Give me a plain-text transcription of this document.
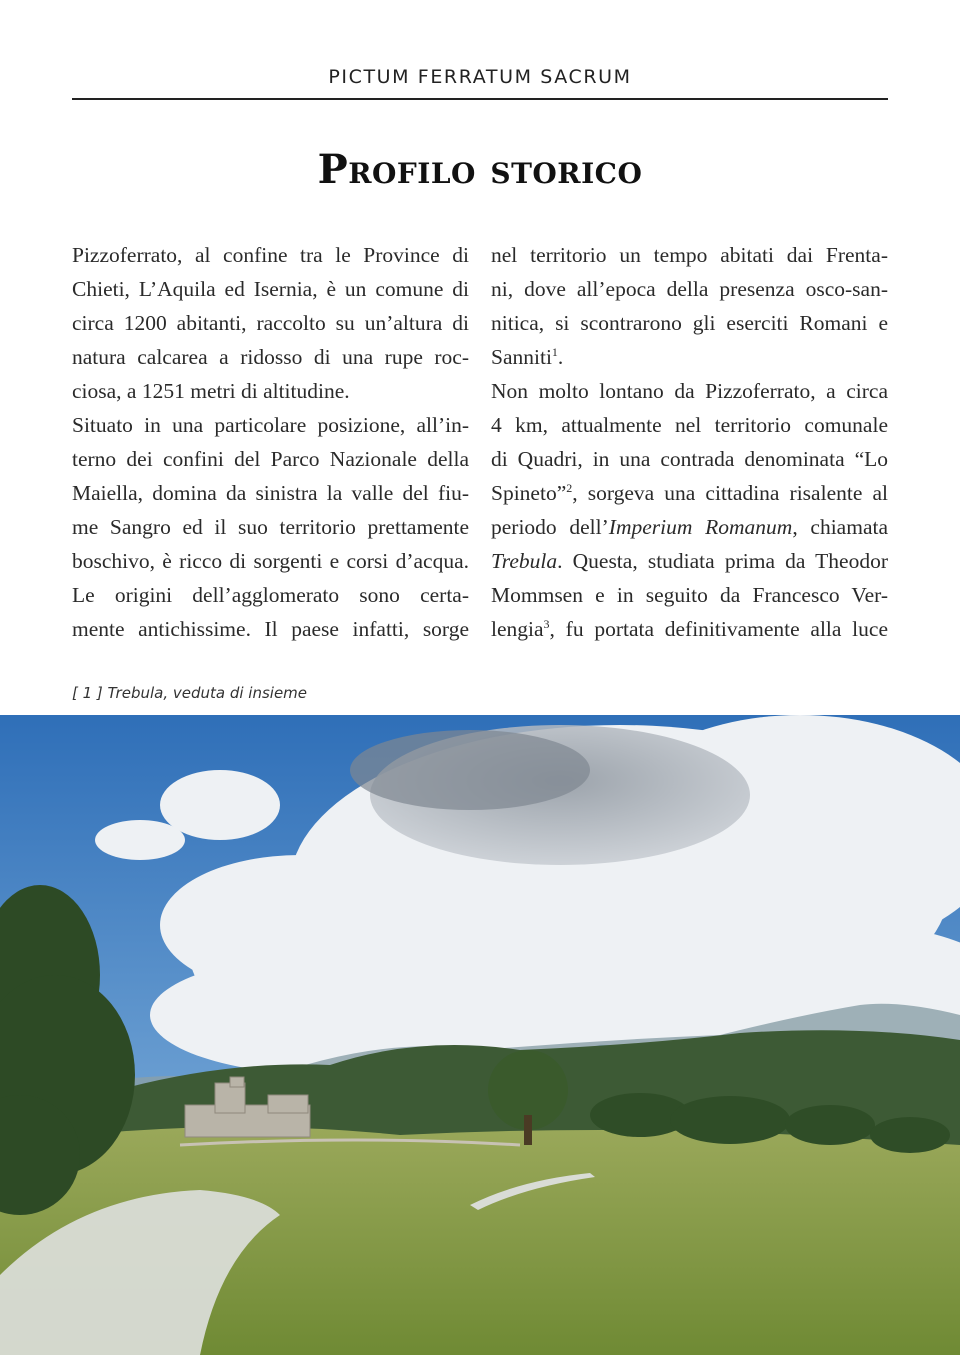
PICTUM FERRATUM SACRUM
Profilo storico
Pizzoferrato, al confine tra le Province di
Chieti, L’Aquila ed Isernia, è un comune di
circa 1200 abitanti, raccolto su un’altura di
natura calcarea a ridosso di una rupe roc-
ciosa, a 1251 metri di altitudine.
Situato in una particolare posizione, all’in-
terno dei confini del Parco Nazionale della
Maiella, domina da sinistra la valle del fiu-
me Sangro ed il suo territorio prettamente
boschivo, è ricco di sorgenti e corsi d’acqua.
Le origini dell’agglomerato sono certa-
mente antichissime. Il paese infatti, sorge
nel territorio un tempo abitati dai Frenta-
ni, dove all’epoca della presenza osco-san-
nitica, si scontrarono gli eserciti Romani e
Sanniti$^1$.
Non molto lontano da Pizzoferrato, a circa
4 km, attualmente nel territorio comunale
di Quadri, in una contrada denominata “Lo
Spineto”$^2$, sorgeva una cittadina risalente al
periodo dell’Imperium Romanum, chiamata
Trebula. Questa, studiata prima da Theodor
Mommsen e in seguito da Francesco Ver-
lengia$^3$, fu portata definitivamente alla luce
[ 1 ] Trebula, veduta di insieme
